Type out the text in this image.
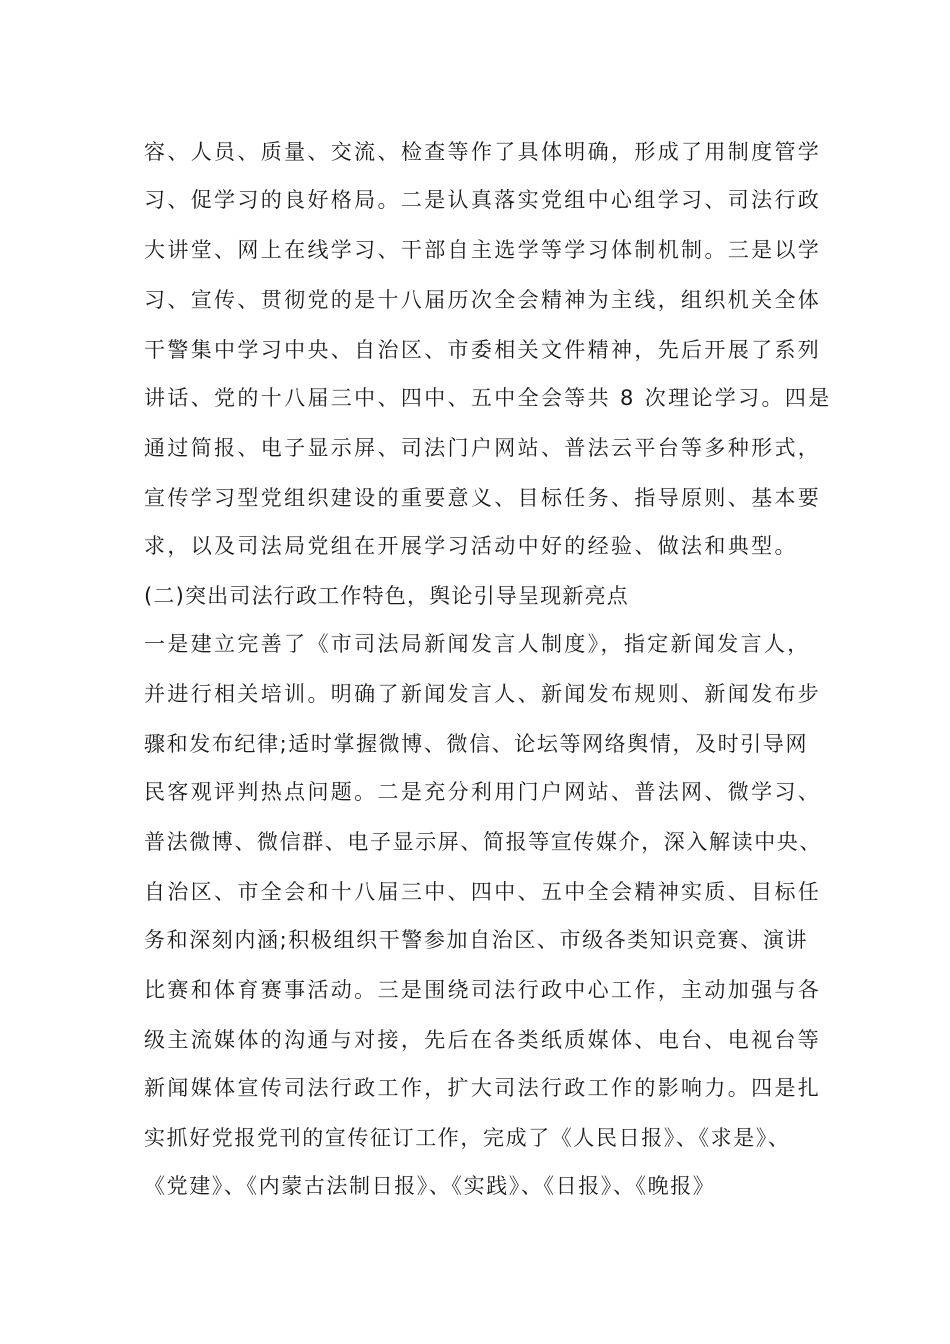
容、人员、质量、交流、检查等作了具体明确，形成了用制度管学
习、促学习的良好格局。二是认真落实党组中心组学习、司法行政
大讲堂、网上在线学习、干部自主选学等学习体制机制。三是以学
习、宣传、贯彻党的是十八届历次全会精神为主线，组织机关全体
干警集中学习中央、自治区、市委相关文件精神，先后开展了系列
讲话、党的十八届三中、四中、五中全会等共 8 次理论学习。四是
通过简报、电子显示屏、司法门户网站、普法云平台等多种形式，
宣传学习型党组织建设的重要意义、目标任务、指导原则、基本要
求，以及司法局党组在开展学习活动中好的经验、做法和典型。
(二)突出司法行政工作特色，舆论引导呈现新亮点
一是建立完善了《市司法局新闻发言人制度》，指定新闻发言人，
并进行相关培训。明确了新闻发言人、新闻发布规则、新闻发布步
骤和发布纪律;适时掌握微博、微信、论坛等网络舆情，及时引导网
民客观评判热点问题。二是充分利用门户网站、普法网、微学习、
普法微博、微信群、电子显示屏、简报等宣传媒介，深入解读中央、
自治区、市全会和十八届三中、四中、五中全会精神实质、目标任
务和深刻内涵;积极组织干警参加自治区、市级各类知识竞赛、演讲
比赛和体育赛事活动。三是围绕司法行政中心工作，主动加强与各
级主流媒体的沟通与对接，先后在各类纸质媒体、电台、电视台等
新闻媒体宣传司法行政工作，扩大司法行政工作的影响力。四是扎
实抓好党报党刊的宣传征订工作，完成了《人民日报》、《求是》、
《党建》、《内蒙古法制日报》、《实践》、《日报》、《晚报》
